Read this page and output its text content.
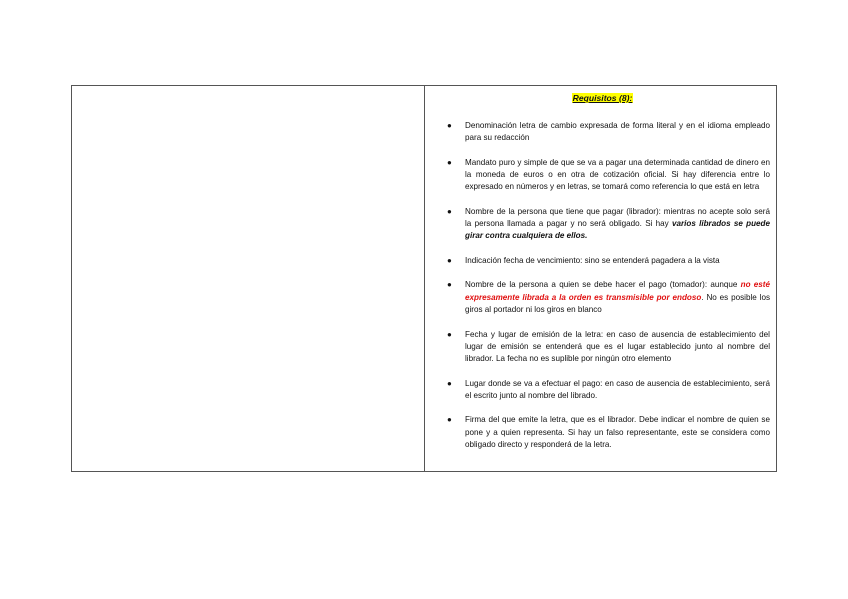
Requisitos (8):
● Denominación letra de cambio expresada de forma literal y en el idioma empleado para su redacción
● Mandato puro y simple de que se va a pagar una determinada cantidad de dinero en la moneda de euros o en otra de cotización oficial. Si hay diferencia entre lo expresado en números y en letras, se tomará como referencia lo que está en letra
● Nombre de la persona que tiene que pagar (librador): mientras no acepte solo será la persona llamada a pagar y no será obligado. Si hay varios librados se puede girar contra cualquiera de ellos.
● Indicación fecha de vencimiento: sino se entenderá pagadera a la vista
● Nombre de la persona a quien se debe hacer el pago (tomador): aunque no esté expresamente librada a la orden es transmisible por endoso. No es posible los giros al portador ni los giros en blanco
● Fecha y lugar de emisión de la letra: en caso de ausencia de establecimiento del lugar de emisión se entenderá que es el lugar establecido junto al nombre del librador. La fecha no es suplible por ningún otro elemento
● Lugar donde se va a efectuar el pago: en caso de ausencia de establecimiento, será el escrito junto al nombre del librado.
● Firma del que emite la letra, que es el librador. Debe indicar el nombre de quien se pone y a quien representa. Si hay un falso representante, este se considera como obligado directo y responderá de la letra.
